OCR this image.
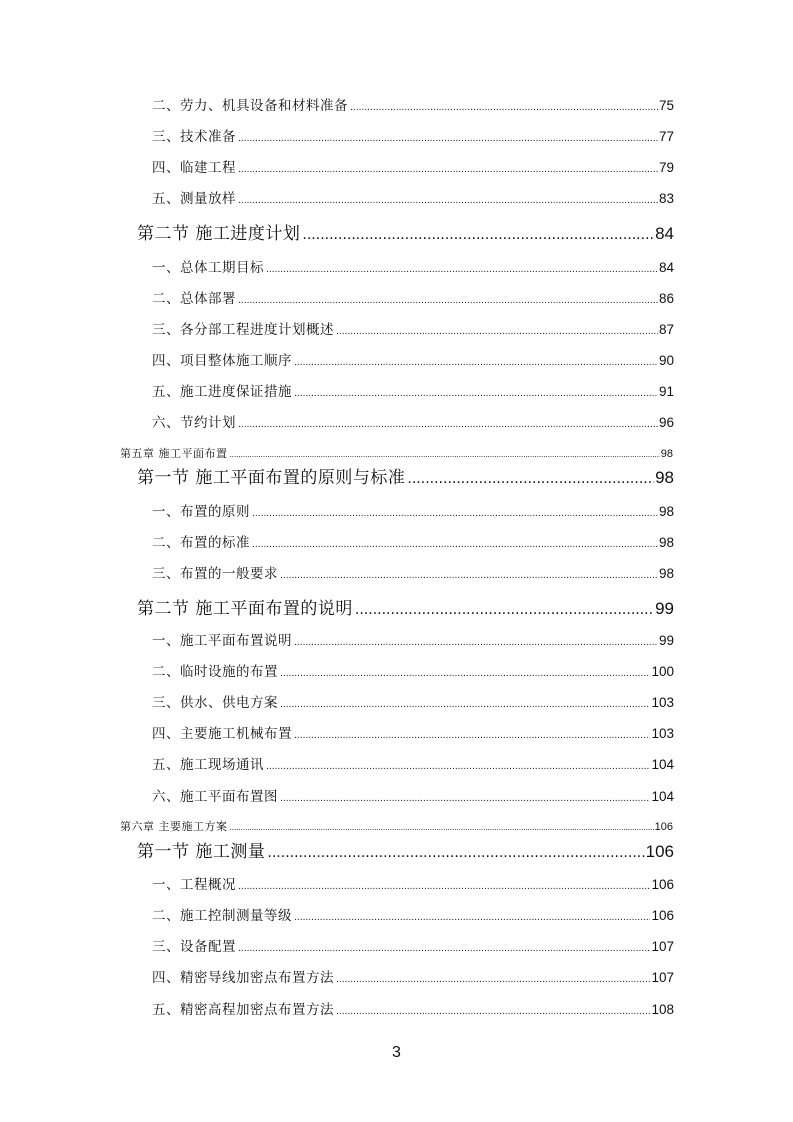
二、劳力、机具设备和材料准备 .....	75
三、技术准备 .....	77
四、临建工程 .....	79
五、测量放样 .....	83
第二节 施工进度计划 .....	84
一、总体工期目标 .....	84
二、总体部署 .....	86
三、各分部工程进度计划概述 .....	87
四、项目整体施工顺序 .....	90
五、施工进度保证措施 .....	91
六、节约计划 .....	96
第五章 施工平面布置 .....	98
第一节 施工平面布置的原则与标准 .....	98
一、布置的原则 .....	98
二、布置的标准 .....	98
三、布置的一般要求 .....	98
第二节 施工平面布置的说明 .....	99
一、施工平面布置说明 .....	99
二、临时设施的布置 .....	100
三、供水、供电方案 .....	103
四、主要施工机械布置 .....	103
五、施工现场通讯 .....	104
六、施工平面布置图 .....	104
第六章 主要施工方案 .....	106
第一节 施工测量 .....	106
一、工程概况 .....	106
二、施工控制测量等级 .....	106
三、设备配置 .....	107
四、精密导线加密点布置方法 .....	107
五、精密高程加密点布置方法 .....	108
3
